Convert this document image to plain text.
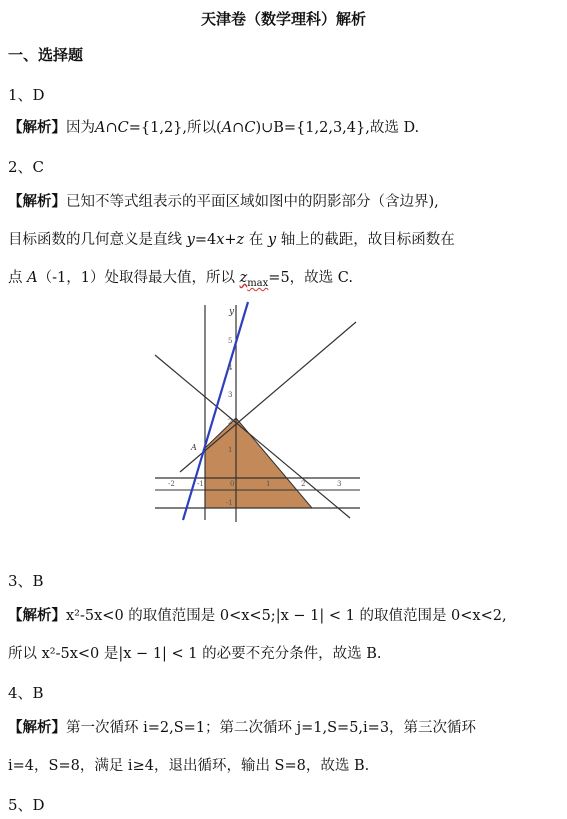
天津卷（数学理科）解析
一、选择题
1、D
【解析】因为A∩C={1,2},所以(A∩C)∪B={1,2,3,4},故选 D.
2、C
【解析】已知不等式组表示的平面区域如图中的阴影部分（含边界),
目标函数的几何意义是直线 y=4x+z 在 y 轴上的截距，故目标函数在
点 A（-1，1）处取得最大值，所以 $z_{max}=5$，故选 C.
y
A
5
4
3
2
1
-1
-2	-1	0	1	2	3
3、B
【解析】x²-5x<0 的取值范围是 0<x<5;|x − 1| < 1 的取值范围是 0<x<2,
所以 x²-5x<0 是|x − 1| < 1 的必要不充分条件，故选 B.
4、B
【解析】第一次循环 i=2,S=1；第二次循环 j=1,S=5,i=3，第三次循环
i=4，S=8，满足 i≥4，退出循环，输出 S=8，故选 B.
5、D
